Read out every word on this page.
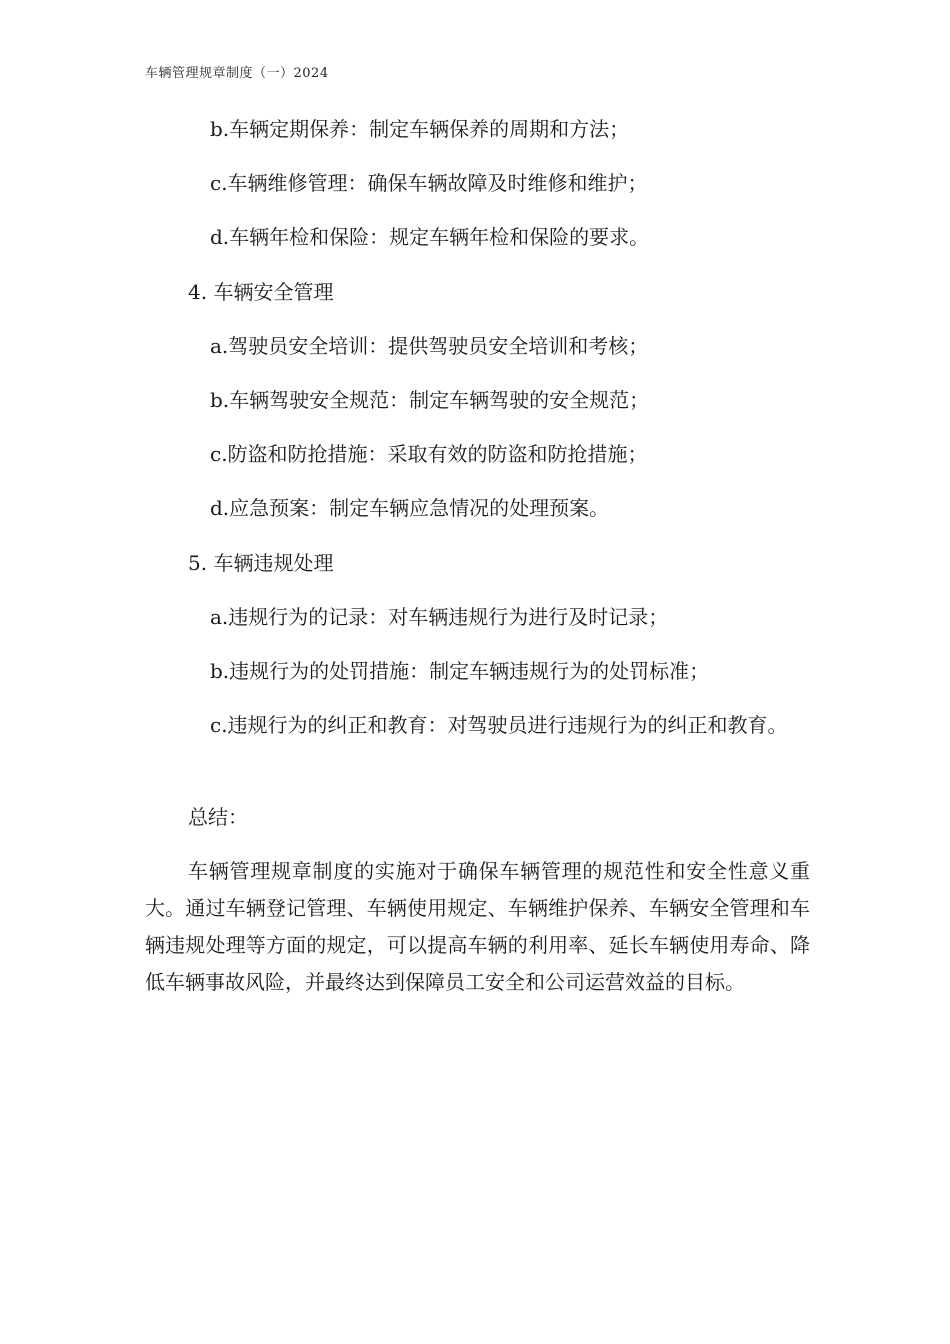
车辆管理规章制度（一）2024
b.车辆定期保养：制定车辆保养的周期和方法；
c.车辆维修管理：确保车辆故障及时维修和维护；
d.车辆年检和保险：规定车辆年检和保险的要求。
4. 车辆安全管理
a.驾驶员安全培训：提供驾驶员安全培训和考核；
b.车辆驾驶安全规范：制定车辆驾驶的安全规范；
c.防盗和防抢措施：采取有效的防盗和防抢措施；
d.应急预案：制定车辆应急情况的处理预案。
5. 车辆违规处理
a.违规行为的记录：对车辆违规行为进行及时记录；
b.违规行为的处罚措施：制定车辆违规行为的处罚标准；
c.违规行为的纠正和教育：对驾驶员进行违规行为的纠正和教育。
总结：
车辆管理规章制度的实施对于确保车辆管理的规范性和安全性意义重大。通过车辆登记管理、车辆使用规定、车辆维护保养、车辆安全管理和车辆违规处理等方面的规定，可以提高车辆的利用率、延长车辆使用寿命、降低车辆事故风险，并最终达到保障员工安全和公司运营效益的目标。
